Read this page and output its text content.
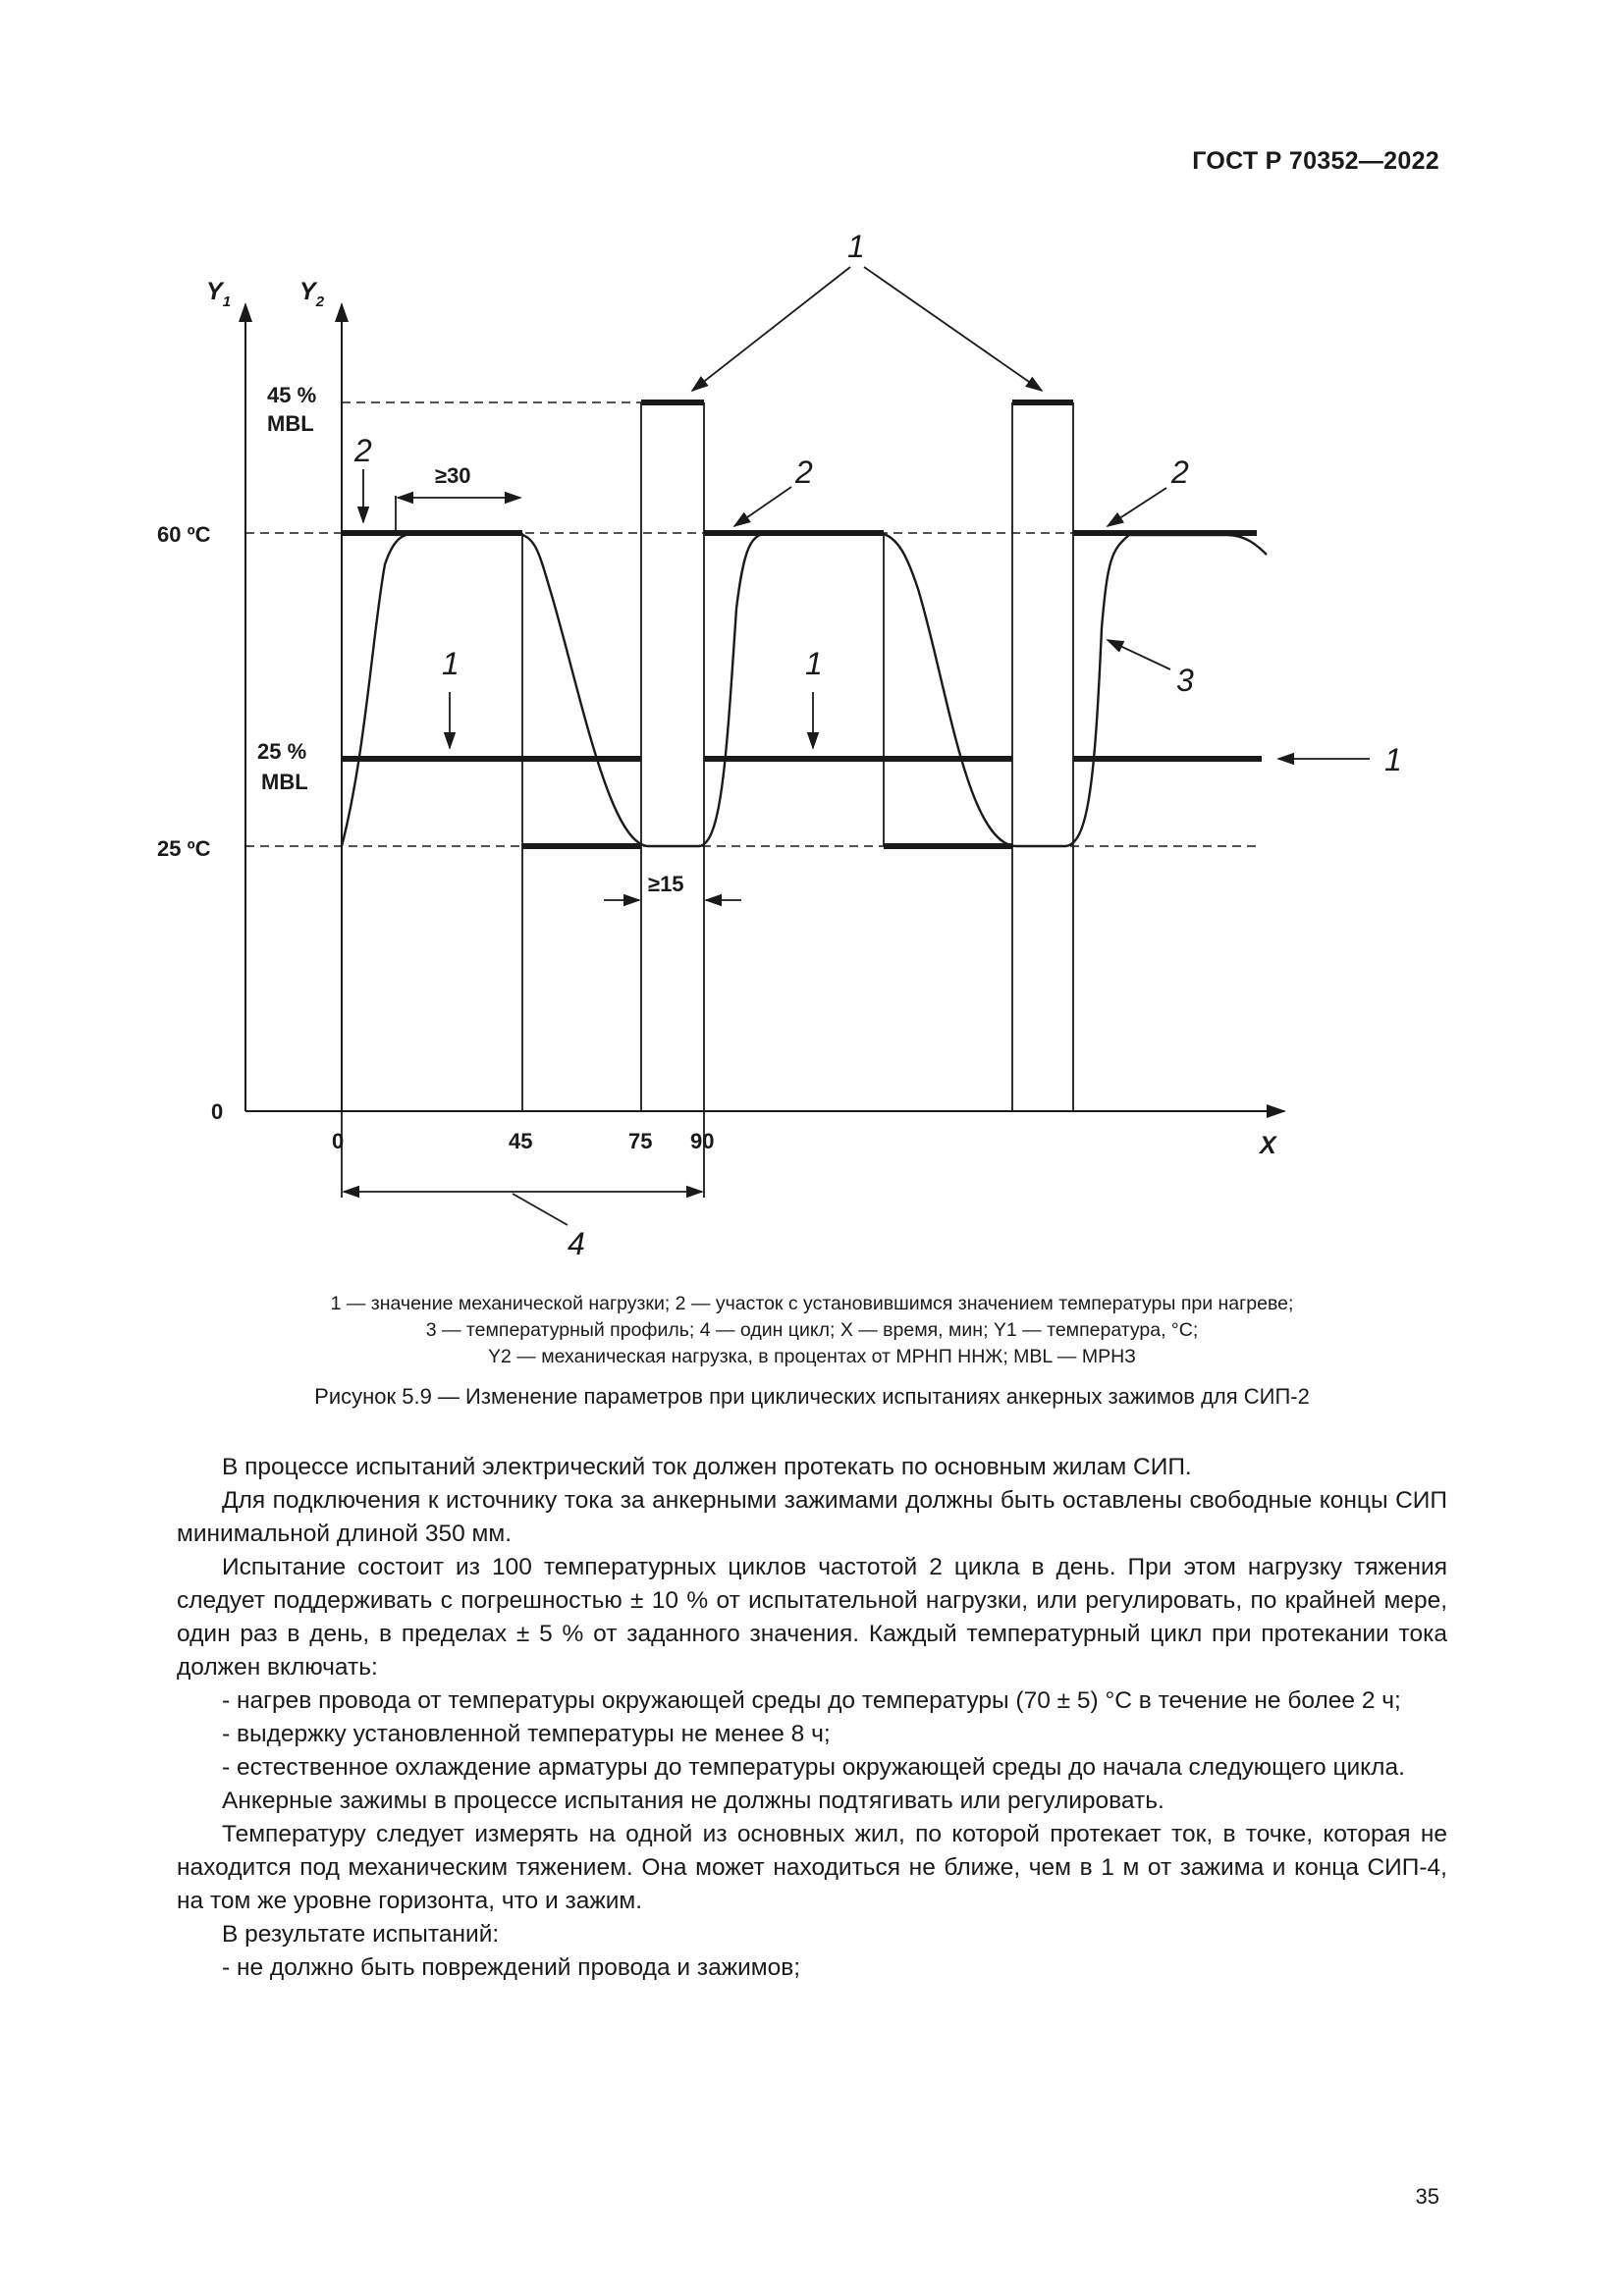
ГОСТ Р 70352—2022
$Y_1$	$Y_2$
X
45 %
MBL
60 ºC
25 %
MBL
25 ºC
0
0	45	75 90
≥30
≥15
4
1
2
2	2
1	1
1
3

1 — значение механической нагрузки; 2 — участок с установившимся значением температуры при нагреве;

3 — температурный профиль; 4 — один цикл; X — время, мин; Y1 — температура, °С;

Y2 — механическая нагрузка, в процентах от МРНП ННЖ; MBL — МРНЗ

Рисунок 5.9 — Изменение параметров при циклических испытаниях анкерных зажимов для СИП-2

В процессе испытаний электрический ток должен протекать по основным жилам СИП.

Для подключения к источнику тока за анкерными зажимами должны быть оставлены свободные концы СИП минимальной длиной 350 мм.

Испытание состоит из 100 температурных циклов частотой 2 цикла в день. При этом нагрузку тяжения следует поддерживать с погрешностью ± 10 % от испытательной нагрузки, или регулировать, по крайней мере, один раз в день, в пределах ± 5 % от заданного значения. Каждый температурный цикл при протекании тока должен включать:

- нагрев провода от температуры окружающей среды до температуры (70 ± 5) °С в течение не более 2 ч;

- выдержку установленной температуры не менее 8 ч;

- естественное охлаждение арматуры до температуры окружающей среды до начала следующего цикла.

Анкерные зажимы в процессе испытания не должны подтягивать или регулировать.

Температуру следует измерять на одной из основных жил, по которой протекает ток, в точке, которая не находится под механическим тяжением. Она может находиться не ближе, чем в 1 м от зажима и конца СИП-4, на том же уровне горизонта, что и зажим.

В результате испытаний:

- не должно быть повреждений провода и зажимов;

35
